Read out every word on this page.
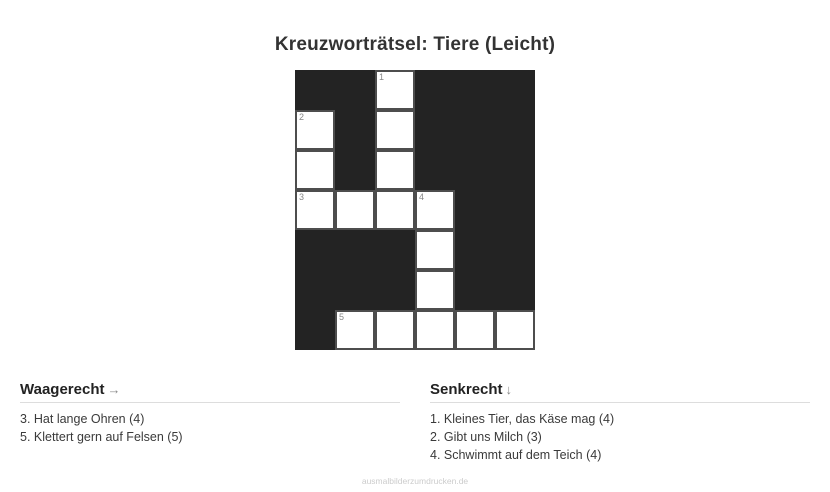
Kreuzworträtsel: Tiere (Leicht)
1
2
3	4
5
Waagerecht →
3. Hat lange Ohren (4)
5. Klettert gern auf Felsen (5)
Senkrecht ↓
1. Kleines Tier, das Käse mag (4)
2. Gibt uns Milch (3)
4. Schwimmt auf dem Teich (4)
ausmalbilderzumdrucken.de
